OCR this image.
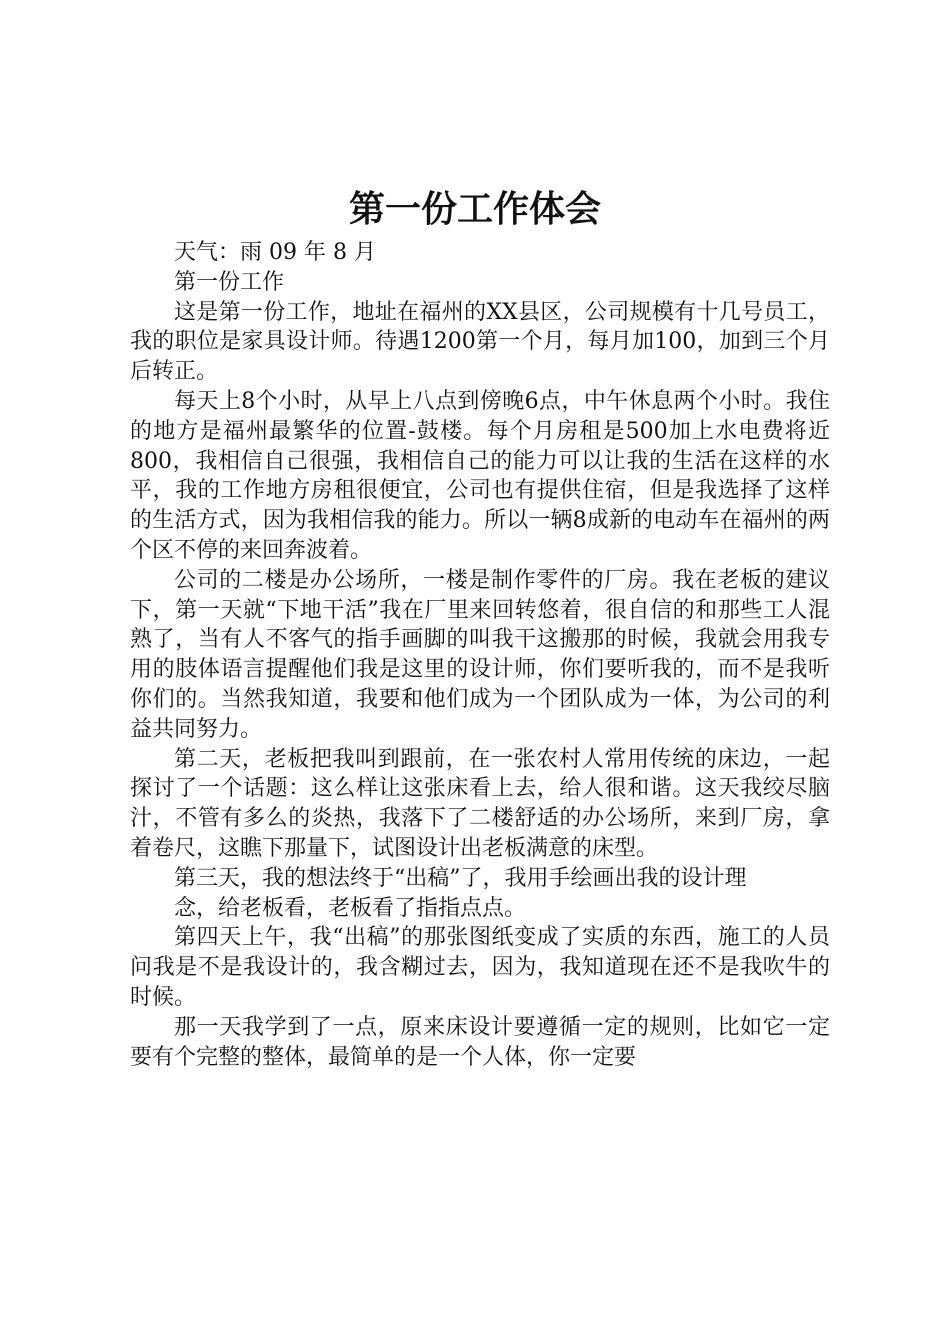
第一份工作体会

天气：雨 09 年 8 月

第一份工作

这是第一份工作，地址在福州的XX县区，公司规模有十几号员工，我的职位是家具设计师。待遇1200第一个月，每月加100，加到三个月后转正。

每天上8个小时，从早上八点到傍晚6点，中午休息两个小时。我住的地方是福州最繁华的位置-鼓楼。每个月房租是500加上水电费将近800，我相信自己很强，我相信自己的能力可以让我的生活在这样的水平，我的工作地方房租很便宜，公司也有提供住宿，但是我选择了这样的生活方式，因为我相信我的能力。所以一辆8成新的电动车在福州的两个区不停的来回奔波着。

公司的二楼是办公场所，一楼是制作零件的厂房。我在老板的建议下，第一天就“下地干活”我在厂里来回转悠着，很自信的和那些工人混熟了，当有人不客气的指手画脚的叫我干这搬那的时候，我就会用我专用的肢体语言提醒他们我是这里的设计师，你们要听我的，而不是我听你们的。当然我知道，我要和他们成为一个团队成为一体，为公司的利益共同努力。

第二天，老板把我叫到跟前，在一张农村人常用传统的床边，一起探讨了一个话题：这么样让这张床看上去，给人很和谐。这天我绞尽脑汁，不管有多么的炎热，我落下了二楼舒适的办公场所，来到厂房，拿着卷尺，这瞧下那量下，试图设计出老板满意的床型。

第三天，我的想法终于“出稿”了，我用手绘画出我的设计理

念，给老板看，老板看了指指点点。

第四天上午，我“出稿”的那张图纸变成了实质的东西，施工的人员问我是不是我设计的，我含糊过去，因为，我知道现在还不是我吹牛的时候。

那一天我学到了一点，原来床设计要遵循一定的规则，比如它一定要有个完整的整体，最简单的是一个人体，你一定要
